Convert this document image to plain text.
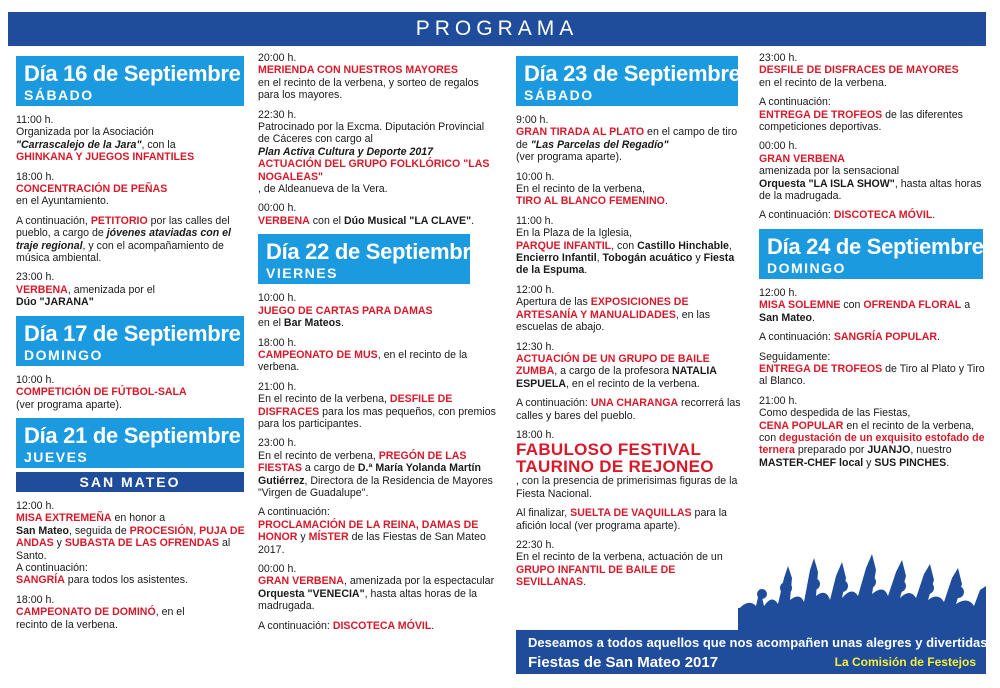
PROGRAMA
Día 16 de Septiembre
SÁBADO
11:00 h.
Organizada por la Asociación
"Carrascalejo de la Jara", con la
GHINKANA Y JUEGOS INFANTILES
18:00 h.
CONCENTRACIÓN DE PEÑAS
en el Ayuntamiento.
A continuación, PETITORIO por las calles del pueblo, a cargo de jóvenes ataviadas con el traje regional, y con el acompañamiento de música ambiental.
23:00 h.
VERBENA, amenizada por el
Dúo "JARANA"
Día 17 de Septiembre
DOMINGO
10:00 h.
COMPETICIÓN DE FÚTBOL-SALA
(ver programa aparte).
Día 21 de Septiembre
JUEVES
SAN MATEO
12:00 h.
MISA EXTREMEÑA en honor a
San Mateo, seguida de PROCESIÓN, PUJA DE ANDAS y SUBASTA DE LAS OFRENDAS al Santo.
A continuación:
SANGRÍA para todos los asistentes.
18:00 h.
CAMPEONATO DE DOMINÓ, en el
recinto de la verbena.
20:00 h.
MERIENDA CON NUESTROS MAYORES
en el recinto de la verbena, y sorteo de regalos para los mayores.
22:30 h.
Patrocinado por la Excma. Diputación Provincial de Cáceres con cargo al
Plan Activa Cultura y Deporte 2017
ACTUACIÓN DEL GRUPO FOLKLÓRICO "LAS NOGALEAS"
, de Aldeanueva de la Vera.
00:00 h.
VERBENA con el Dúo Musical "LA CLAVE".
Día 22 de Septiembre
VIERNES
10:00 h.
JUEGO DE CARTAS PARA DAMAS
en el Bar Mateos.
18:00 h.
CAMPEONATO DE MUS, en el recinto de la verbena.
21:00 h.
En el recinto de la verbena, DESFILE DE DISFRACES para los mas pequeños, con premios para los participantes.
23:00 h.
En el recinto de verbena, PREGÓN DE LAS FIESTAS a cargo de D.ª María Yolanda Martín Gutiérrez, Directora de la Residencia de Mayores "Virgen de Guadalupe".
A continuación:
PROCLAMACIÓN DE LA REINA, DAMAS DE HONOR y MÍSTER de las Fiestas de San Mateo 2017.
00:00 h.
GRAN VERBENA, amenizada por la espectacular Orquesta "VENECIA", hasta altas horas de la madrugada.
A continuación: DISCOTECA MÓVIL.
Día 23 de Septiembre
SÁBADO
9:00 h.
GRAN TIRADA AL PLATO en el campo de tiro de "Las Parcelas del Regadío"
(ver programa aparte).
10:00 h.
En el recinto de la verbena,
TIRO AL BLANCO FEMENINO.
11:00 h.
En la Plaza de la Iglesia,
PARQUE INFANTIL, con Castillo Hinchable, Encierro Infantil, Tobogán acuático y Fiesta de la Espuma.
12:00 h.
Apertura de las EXPOSICIONES DE ARTESANÍA Y MANUALIDADES, en las escuelas de abajo.
12:30 h.
ACTUACIÓN DE UN GRUPO DE BAILE ZUMBA, a cargo de la profesora NATALIA ESPUELA, en el recinto de la verbena.
A continuación: UNA CHARANGA recorrerá las calles y bares del pueblo.
18:00 h.
FABULOSO FESTIVAL
TAURINO DE REJONEO
, con la presencia de primerisimas figuras de la Fiesta Nacional.
Al finalizar, SUELTA DE VAQUILLAS para la afición local (ver programa aparte).
22:30 h.
En el recinto de la verbena, actuación de un GRUPO INFANTIL DE BAILE DE SEVILLANAS.
23:00 h.
DESFILE DE DISFRACES DE MAYORES
en el recinto de la verbena.
A continuación:
ENTREGA DE TROFEOS de las diferentes competiciones deportivas.
00:00 h.
GRAN VERBENA
amenizada por la sensacional
Orquesta "LA ISLA SHOW", hasta altas horas de la madrugada.
A continuación: DISCOTECA MÓVIL.
Día 24 de Septiembre
DOMINGO
12:00 h.
MISA SOLEMNE con OFRENDA FLORAL a San Mateo.
A continuación: SANGRÍA POPULAR.
Seguidamente:
ENTREGA DE TROFEOS de Tiro al Plato y Tiro al Blanco.
21:00 h.
Como despedida de las Fiestas,
CENA POPULAR en el recinto de la verbena, con degustación de un exquisito estofado de ternera preparado por JUANJO, nuestro MASTER-CHEF local y SUS PINCHES.
Deseamos a todos aquellos que nos acompañen unas alegres y divertidas
Fiestas de San Mateo 2017	La Comisión de Festejos
